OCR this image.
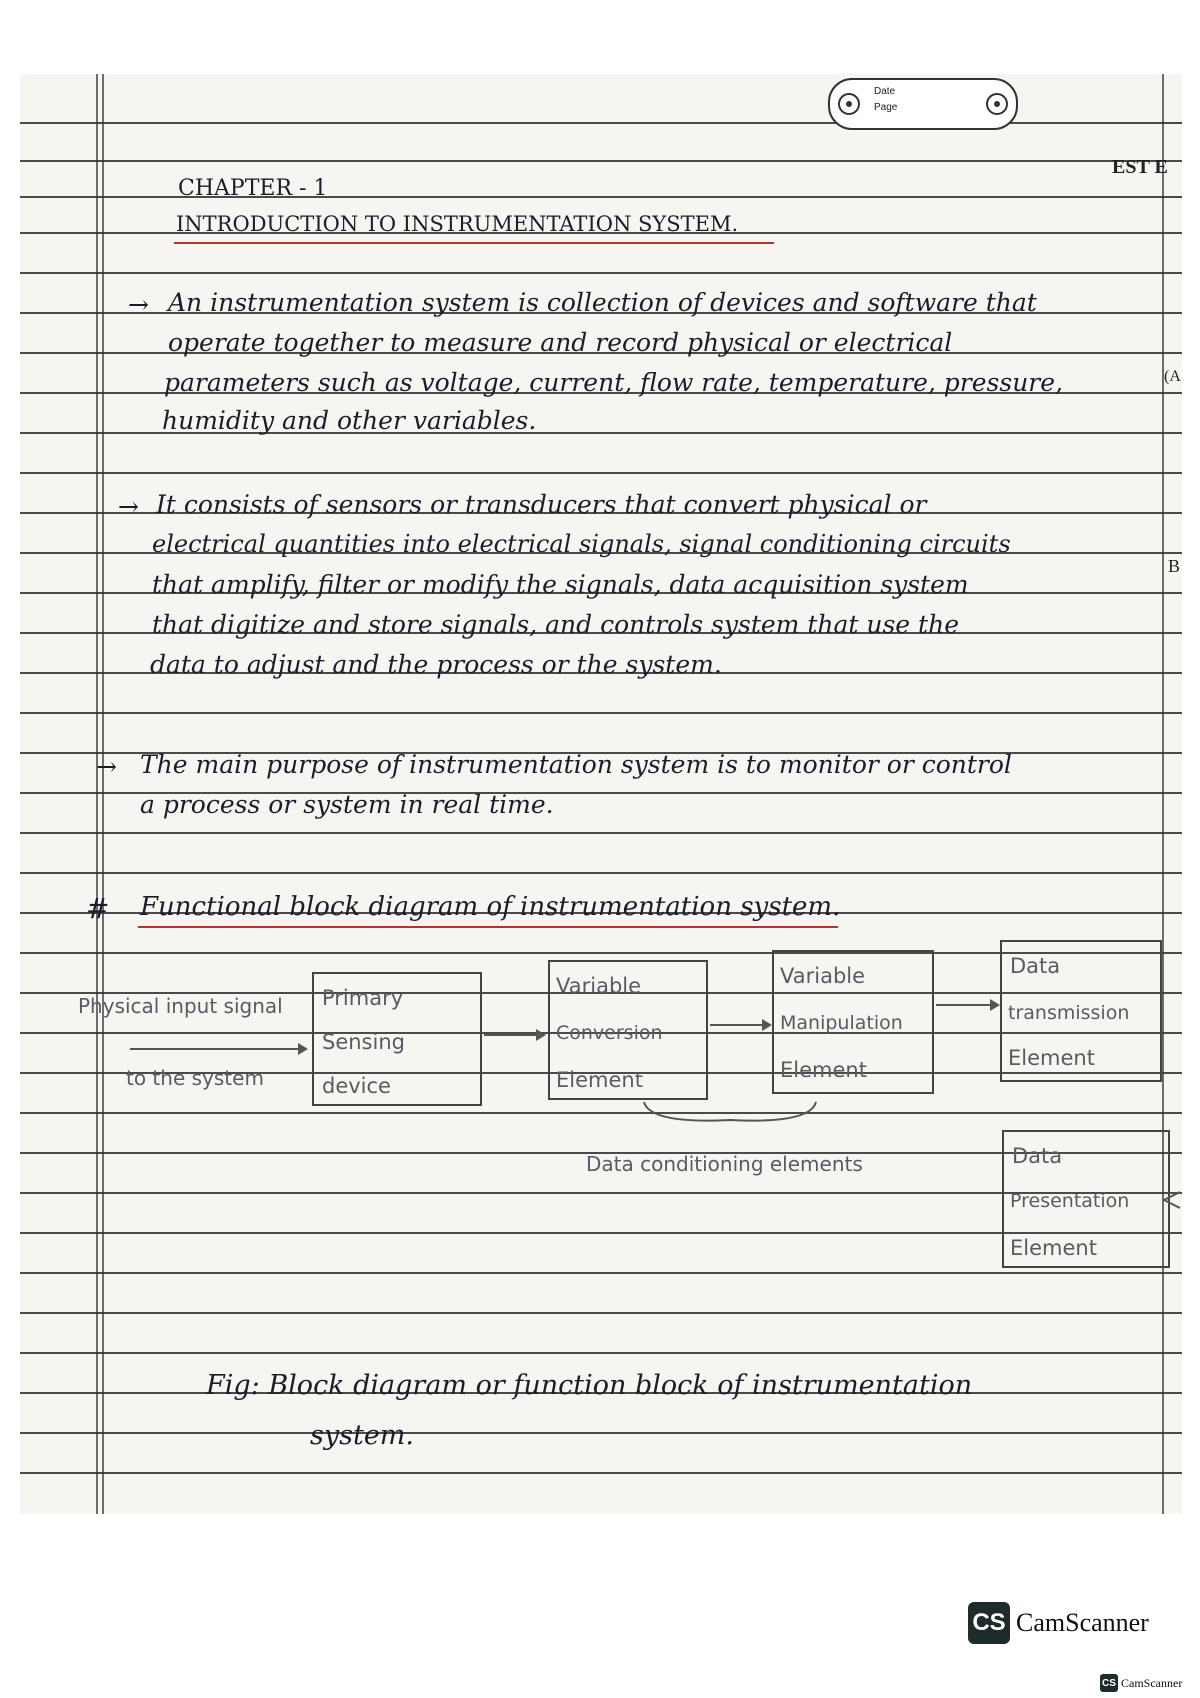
Date
Page
EST E
(A
B
CHAPTER - 1
INTRODUCTION TO INSTRUMENTATION SYSTEM.
→ An instrumentation system is collection of devices and software that
operate together to measure and record physical or electrical
parameters such as voltage, current, flow rate, temperature, pressure,
humidity and other variables.
→ It consists of sensors or transducers that convert physical or
electrical quantities into electrical signals, signal conditioning circuits
that amplify, filter or modify the signals, data acquisition system
that digitize and store signals, and controls system that use the
data to adjust and the process or the system.
→ The main purpose of instrumentation system is to monitor or control
a process or system in real time.
# Functional block diagram of instrumentation system.
Physical input signal
to the system
Primary
Sensing
device
Variable
Conversion
Element
Variable
Manipulation
Element
Data
transmission
Element
Data conditioning elements	Data
Presentation
Element
Fig: Block diagram or function block of instrumentation
system.
CS CamScanner
CS CamScanner
